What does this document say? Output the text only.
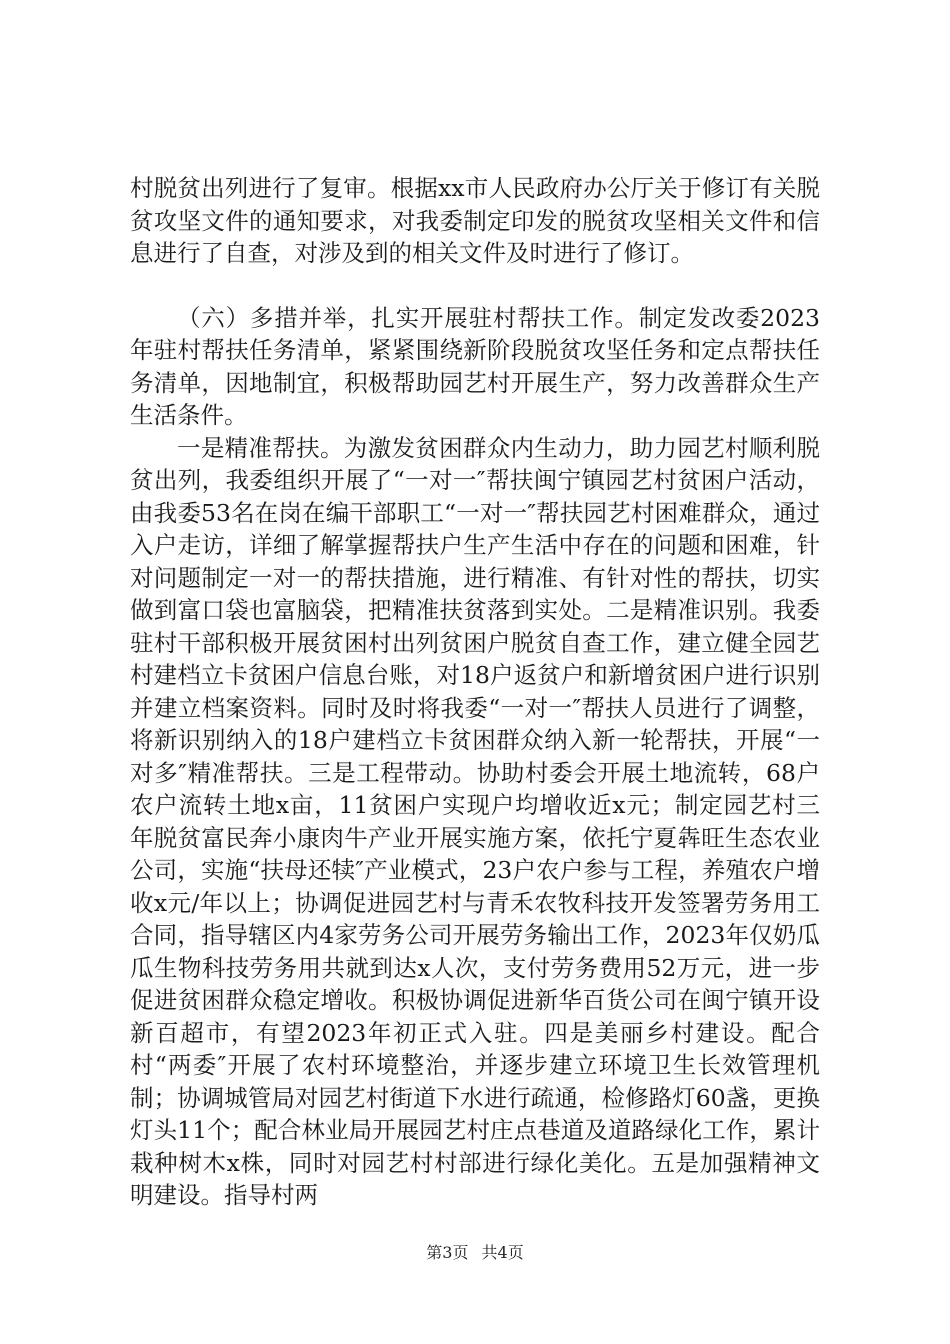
村脱贫出列进行了复审。根据xx市人民政府办公厅关于修订有关脱贫攻坚文件的通知要求，对我委制定印发的脱贫攻坚相关文件和信息进行了自查，对涉及到的相关文件及时进行了修订。

（六）多措并举，扎实开展驻村帮扶工作。制定发改委2023年驻村帮扶任务清单，紧紧围绕新阶段脱贫攻坚任务和定点帮扶任务清单，因地制宜，积极帮助园艺村开展生产，努力改善群众生产生活条件。

一是精准帮扶。为激发贫困群众内生动力，助力园艺村顺利脱贫出列，我委组织开展了“一对一″帮扶闽宁镇园艺村贫困户活动，由我委53名在岗在编干部职工“一对一″帮扶园艺村困难群众，通过入户走访，详细了解掌握帮扶户生产生活中存在的问题和困难，针对问题制定一对一的帮扶措施，进行精准、有针对性的帮扶，切实做到富口袋也富脑袋，把精准扶贫落到实处。二是精准识别。我委驻村干部积极开展贫困村出列贫困户脱贫自查工作，建立健全园艺村建档立卡贫困户信息台账，对18户返贫户和新增贫困户进行识别并建立档案资料。同时及时将我委“一对一″帮扶人员进行了调整，将新识别纳入的18户建档立卡贫困群众纳入新一轮帮扶，开展“一对多″精准帮扶。三是工程带动。协助村委会开展土地流转，68户农户流转土地x亩，11贫困户实现户均增收近x元；制定园艺村三年脱贫富民奔小康肉牛产业开展实施方案，依托宁夏犇旺生态农业公司，实施“扶母还犊″产业模式，23户农户参与工程，养殖农户增收x元/年以上；协调促进园艺村与青禾农牧科技开发签署劳务用工合同，指导辖区内4家劳务公司开展劳务输出工作，2023年仅奶瓜瓜生物科技劳务用共就到达x人次，支付劳务费用52万元，进一步促进贫困群众稳定增收。积极协调促进新华百货公司在闽宁镇开设新百超市，有望2023年初正式入驻。四是美丽乡村建设。配合村“两委″开展了农村环境整治，并逐步建立环境卫生长效管理机制；协调城管局对园艺村街道下水进行疏通，检修路灯60盏，更换灯头11个；配合林业局开展园艺村庄点巷道及道路绿化工作，累计栽种树木x株，同时对园艺村村部进行绿化美化。五是加强精神文明建设。指导村两

第3页 共4页
